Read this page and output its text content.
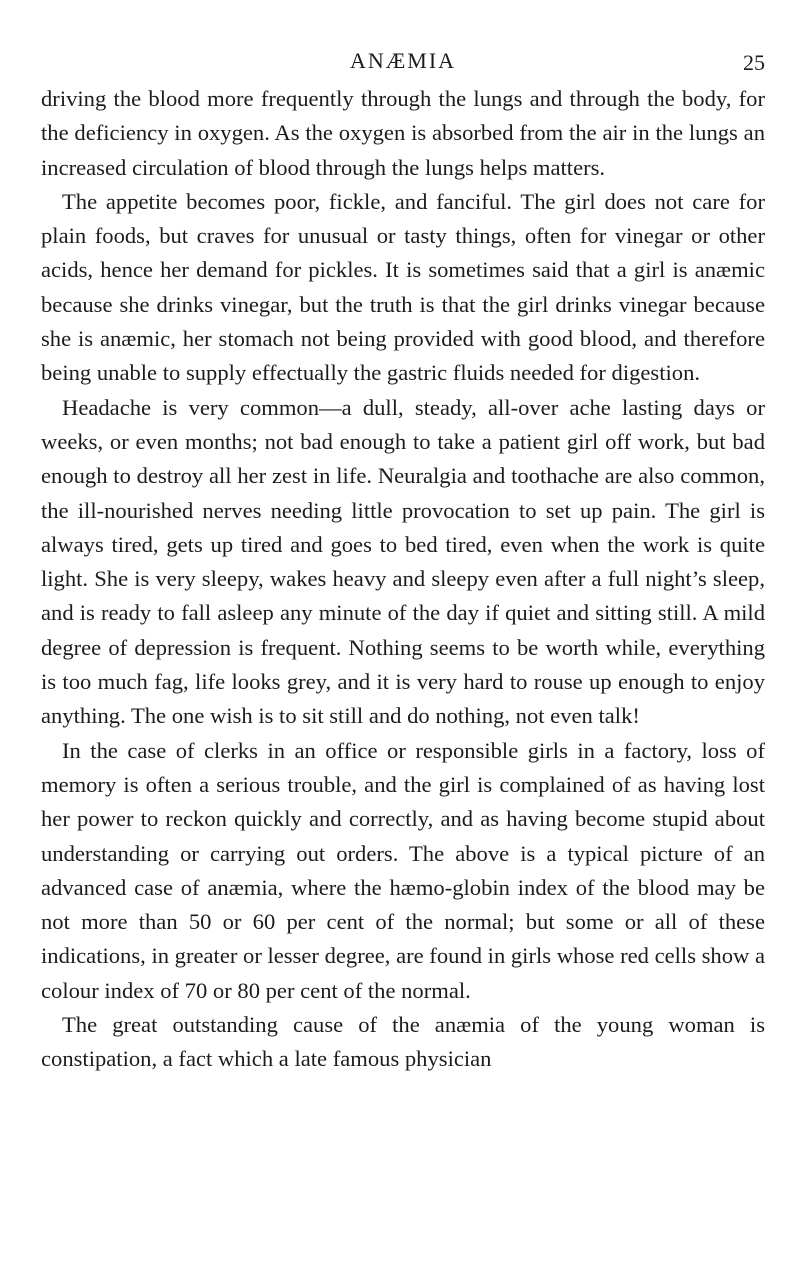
ANÆMIA	25

driving the blood more frequently through the lungs and through the body, for the deficiency in oxygen. As the oxygen is absorbed from the air in the lungs an increased circulation of blood through the lungs helps matters.

The appetite becomes poor, fickle, and fanciful. The girl does not care for plain foods, but craves for unusual or tasty things, often for vinegar or other acids, hence her demand for pickles. It is sometimes said that a girl is anæmic because she drinks vinegar, but the truth is that the girl drinks vinegar because she is anæmic, her stomach not being provided with good blood, and therefore being unable to supply effectually the gastric fluids needed for digestion.

Headache is very common—a dull, steady, all-over ache lasting days or weeks, or even months; not bad enough to take a patient girl off work, but bad enough to destroy all her zest in life. Neuralgia and toothache are also common, the ill-nourished nerves needing little provocation to set up pain. The girl is always tired, gets up tired and goes to bed tired, even when the work is quite light. She is very sleepy, wakes heavy and sleepy even after a full night’s sleep, and is ready to fall asleep any minute of the day if quiet and sitting still. A mild degree of depression is frequent. Nothing seems to be worth while, everything is too much fag, life looks grey, and it is very hard to rouse up enough to enjoy anything. The one wish is to sit still and do nothing, not even talk!

In the case of clerks in an office or responsible girls in a factory, loss of memory is often a serious trouble, and the girl is complained of as having lost her power to reckon quickly and correctly, and as having become stupid about understanding or carrying out orders. The above is a typical picture of an advanced case of anæmia, where the hæmo-globin index of the blood may be not more than 50 or 60 per cent of the normal; but some or all of these indications, in greater or lesser degree, are found in girls whose red cells show a colour index of 70 or 80 per cent of the normal.

The great outstanding cause of the anæmia of the young woman is constipation, a fact which a late famous physician
